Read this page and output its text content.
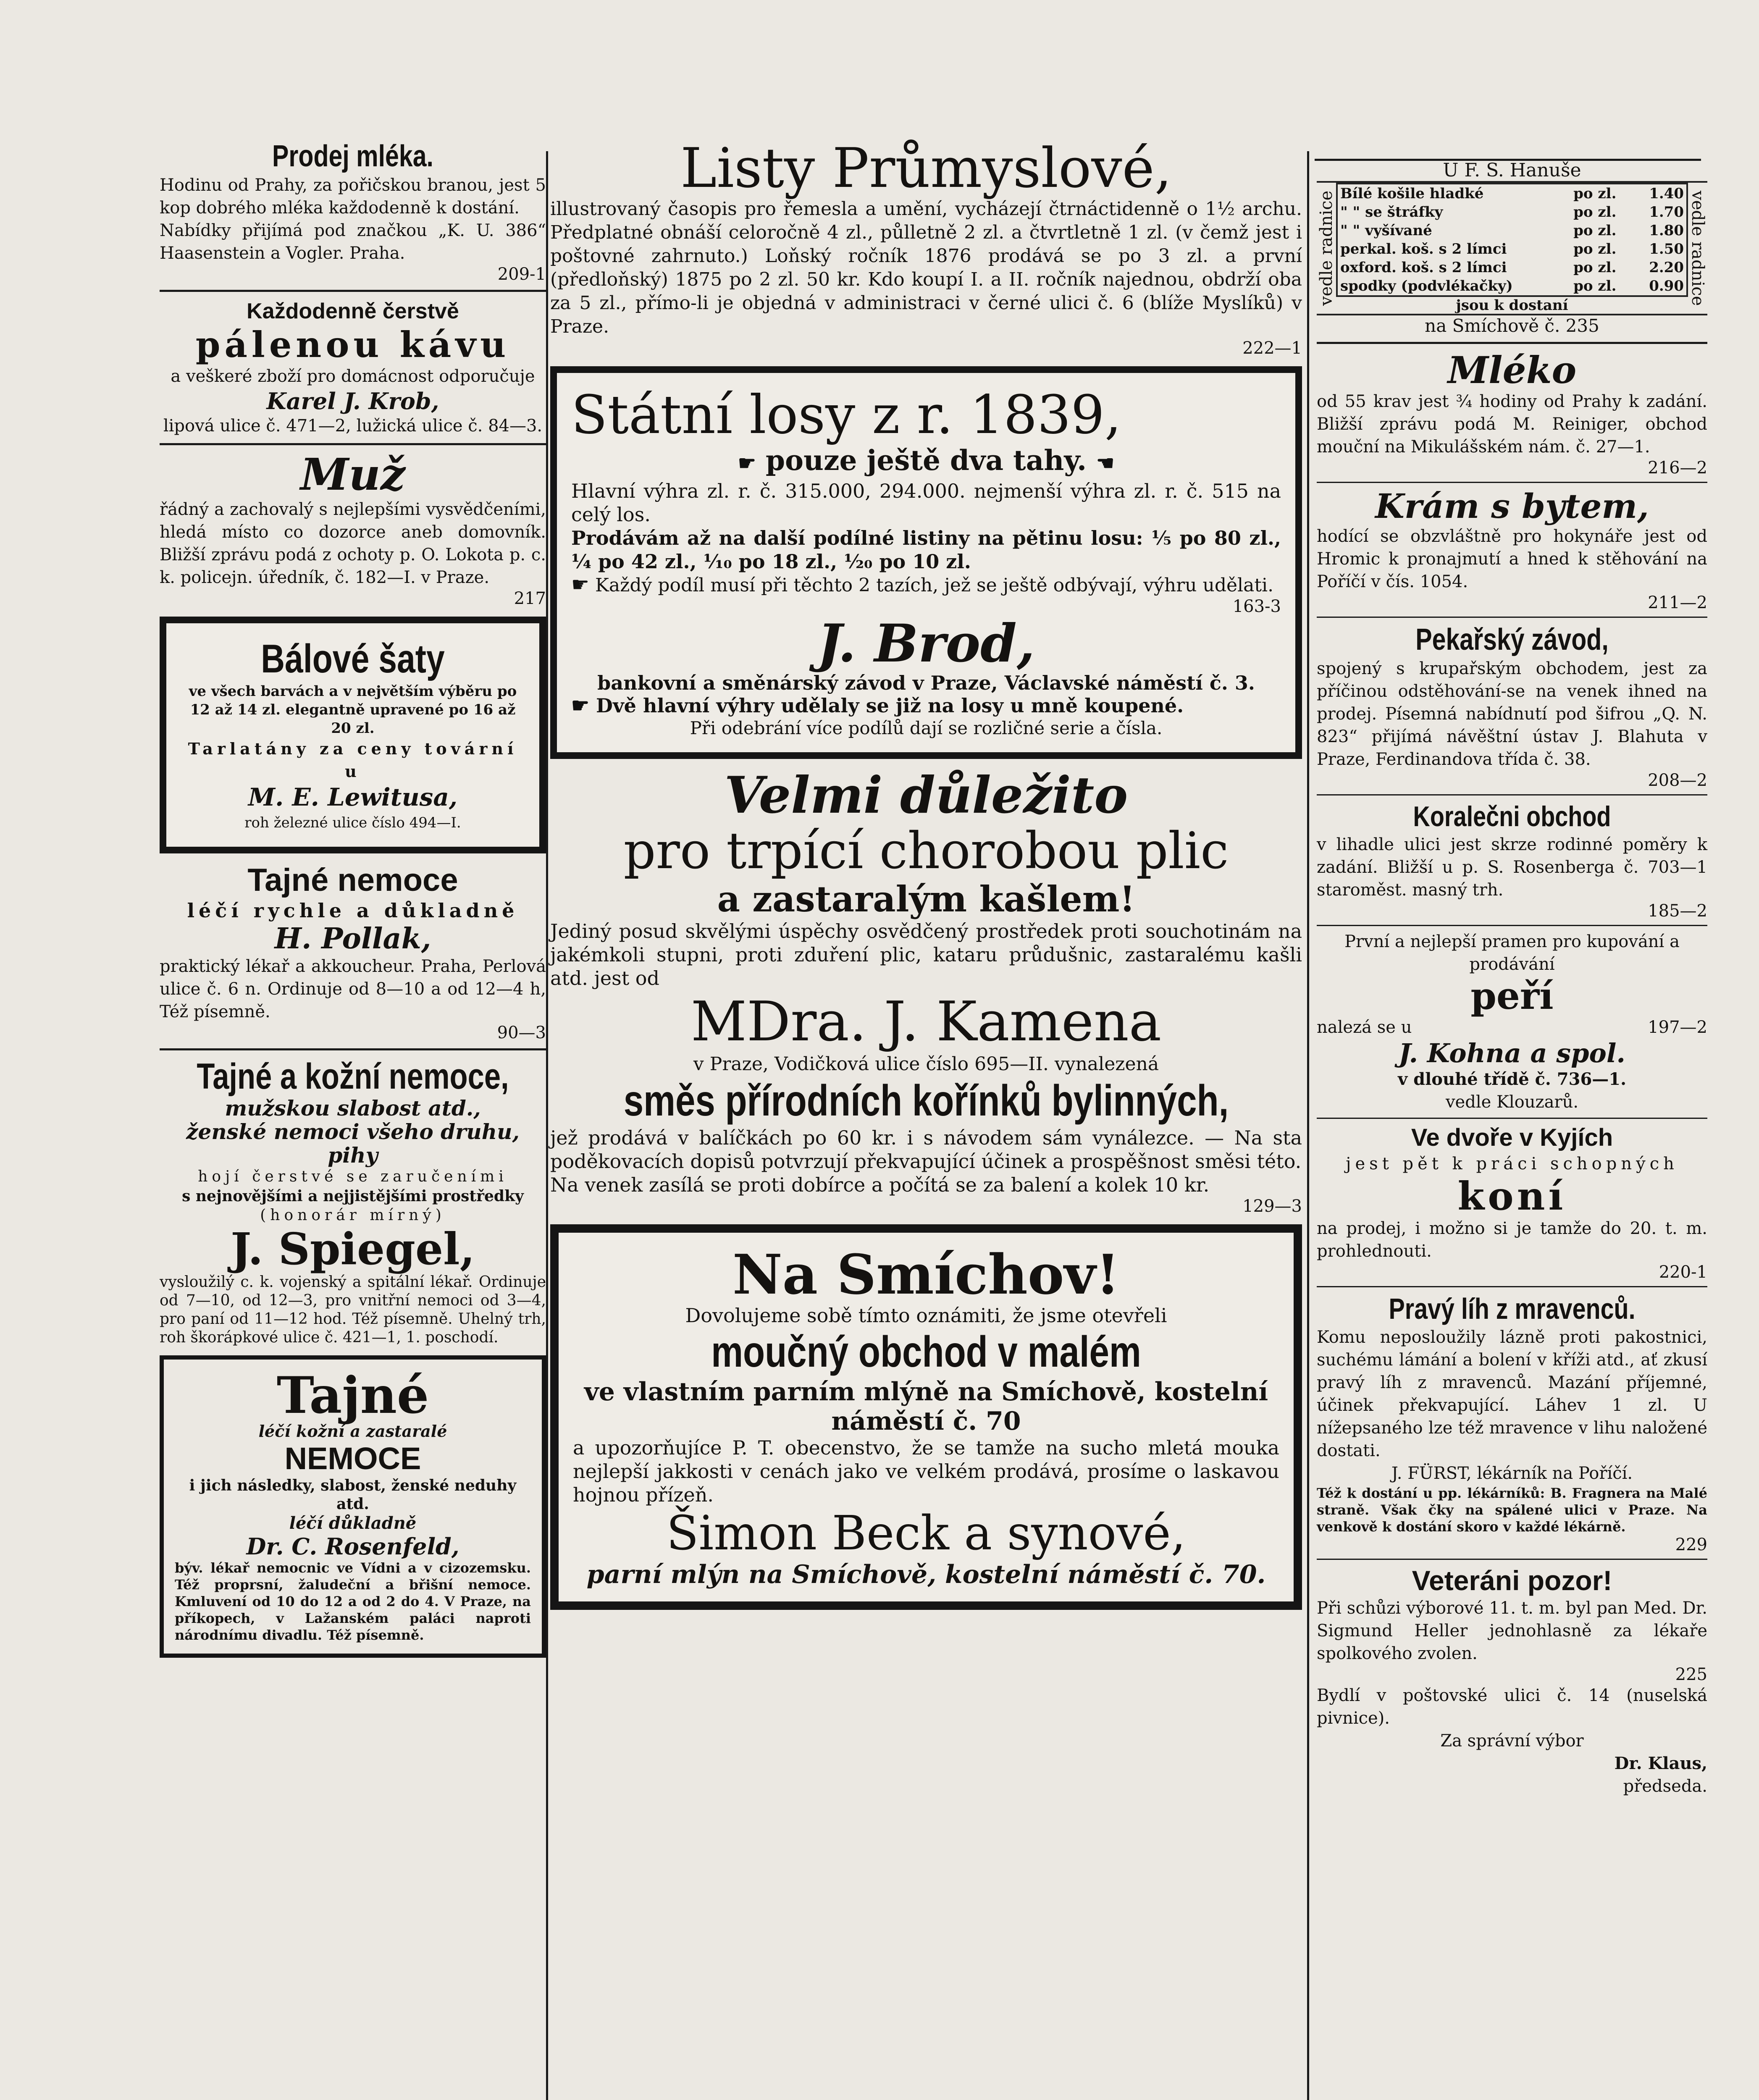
Prodej mléka.

Hodinu od Prahy, za pořičskou branou, jest 5 kop dobrého mléka každodenně k dostání.

Nabídky přijímá pod značkou „K. U. 386“ Haasenstein a Vogler. Praha.

209-1

Každodenně čerstvě

pálenou kávu

a veškeré zboží pro domácnost odporučuje

Karel J. Krob,

lipová ulice č. 471—2, lužická ulice č. 84—3.

Muž

řádný a zachovalý s nejlepšími vysvědčeními, hledá místo co dozorce aneb domovník. Bližší zprávu podá z ochoty p. O. Lokota p. c. k. policejn. úředník, č. 182—I. v Praze.

217

Bálové šaty

ve všech barvách a v největším výběru po 12 až 14 zl. elegantně upravené po 16 až 20 zl.

Tarlatány za ceny tovární u

M. E. Lewitusa,

roh železné ulice číslo 494—I.

Tajné nemoce

léčí rychle a důkladně

H. Pollak,

praktický lékař a akkoucheur. Praha, Perlová ulice č. 6 n. Ordinuje od 8—10 a od 12—4 h, Též písemně.

90—3

Tajné a kožní nemoce,

mužskou slabost atd.,

ženské nemoci všeho druhu, pihy

hojí čerstvé se zaručeními

s nejnovějšími a nejjistějšími prostředky

(honorár mírný)

J. Spiegel,

vysloužilý c. k. vojenský a spitální lékař. Ordinuje od 7—10, od 12—3, pro vnitřní nemoci od 3—4, pro paní od 11—12 hod. Též písemně. Uhelný trh, roh škorápkové ulice č. 421—1, 1. poschodí.

Tajné

léčí kožní a zastaralé

NEMOCE

i jich následky, slabost, ženské neduhy atd.

léčí důkladně

Dr. C. Rosenfeld,

býv. lékař nemocnic ve Vídni a v cizozemsku. Též proprsní, žaludeční a břišní nemoce. Kmluvení od 10 do 12 a od 2 do 4. V Praze, na příkopech, v Lažanském paláci naproti národnímu divadlu. Též písemně.

Listy Průmyslové,

illustrovaný časopis pro řemesla a umění, vycházejí čtrnáctidenně o 1½ archu. Předplatné obnáší celoročně 4 zl., půlletně 2 zl. a čtvrtletně 1 zl. (v čemž jest i poštovné zahrnuto.) Loňský ročník 1876 prodává se po 3 zl. a první (předloňský) 1875 po 2 zl. 50 kr. Kdo koupí I. a II. ročník najednou, obdrží oba za 5 zl., přímo-li je objedná v administraci v černé ulici č. 6 (blíže Myslíků) v Praze.

222—1

Státní losy z r. 1839,

☛ pouze ještě dva tahy. ☚

Hlavní výhra zl. r. č. 315.000, 294.000. nejmenší výhra zl. r. č. 515 na celý los.

Prodávám až na další podílné listiny na pětinu losu: ¹⁄₅ po 80 zl., ¹⁄₄ po 42 zl., ¹⁄₁₀ po 18 zl., ¹⁄₂₀ po 10 zl.

☛ Každý podíl musí při těchto 2 tazích, jež se ještě odbývají, výhru udělati.

163-3

J. Brod,

bankovní a směnárský závod v Praze, Václavské náměstí č. 3.

☛ Dvě hlavní výhry udělaly se již na losy u mně koupené.

Při odebrání více podílů dají se rozličné serie a čísla.

Velmi důležito

pro trpící chorobou plic

a zastaralým kašlem!

Jediný posud skvělými úspěchy osvědčený prostředek proti souchotinám na jakémkoli stupni, proti zduření plic, kataru průdušnic, zastaralému kašli atd. jest od

MDra. J. Kamena

v Praze, Vodičková ulice číslo 695—II. vynalezená

směs přírodních kořínků bylinných,

jež prodává v balíčkách po 60 kr. i s návodem sám vynálezce. — Na sta poděkovacích dopisů potvrzují překvapující účinek a prospěšnost směsi této.

Na venek zasílá se proti dobírce a počítá se za balení a kolek 10 kr.

129—3

Na Smíchov!

Dovolujeme sobě tímto oznámiti, že jsme otevřeli

moučný obchod v malém

ve vlastním parním mlýně na Smíchově, kostelní náměstí č. 70

a upozorňujíce P. T. obecenstvo, že se tamže na sucho mletá mouka nejlepší jakkosti v cenách jako ve velkém prodává, prosíme o laskavou hojnou přízeň.

Šimon Beck a synové,

parní mlýn na Smíchově, kostelní náměstí č. 70.

U F. S. Hanuše

vedle radnice Bílé košile hladké	po zl.	1.40
" " se štráfky	po zl.	1.70
" " vyšívané	po zl.	1.80
perkal. koš. s 2 límci	po zl.	1.50
oxford. koš. s 2 límci	po zl.	2.20
spodky (podvlékačky)	po zl.	0.90

jsou k dostaní	vedle radnice

na Smíchově č. 235

Mléko

od 55 krav jest ³⁄₄ hodiny od Prahy k zadání. Bližší zprávu podá M. Reiniger, obchod mouční na Mikulášském nám. č. 27—1.

216—2

Krám s bytem,

hodící se obzvláštně pro hokynáře jest od Hromic k pronajmutí a hned k stěhování na Poříčí v čís. 1054.

211—2

Pekařský závod,

spojený s krupařským obchodem, jest za příčinou odstěhování-se na venek ihned na prodej. Písemná nabídnutí pod šifrou „Q. N. 823“ přijímá návěštní ústav J. Blahuta v Praze, Ferdinandova třída č. 38.

208—2

Koralečni obchod

v lihadle ulici jest skrze rodinné poměry k zadání. Bližší u p. S. Rosenberga č. 703—1 staroměst. masný trh.

185—2

První a nejlepší pramen pro kupování a prodávání

peří

nalezá se u	197—2

J. Kohna a spol.

v dlouhé třídě č. 736—1.

vedle Klouzarů.

Ve dvoře v Kyjích

jest pět k práci schopných

koní

na prodej, i možno si je tamže do 20. t. m. prohlednouti.

220-1

Pravý líh z mravenců.

Komu neposloužily lázně proti pakostnici, suchému lámání a bolení v kříži atd., ať zkusí pravý líh z mravenců. Mazání příjemné, účinek překvapující. Láhev 1 zl. U nížepsaného lze též mravence v lihu naložené dostati.

J. FÜRST, lékárník na Poříčí.

Též k dostání u pp. lékárníků: B. Fragnera na Malé straně. Však čky na spálené ulici v Praze. Na venkově k dostání skoro v každé lékárně.

229

Veteráni pozor!

Při schůzi výborové 11. t. m. byl pan Med. Dr. Sigmund Heller jednohlasně za lékaře spolkového zvolen.

225

Bydlí v poštovské ulici č. 14 (nuselská pivnice).

Za správní výbor

Dr. Klaus,

předseda.
